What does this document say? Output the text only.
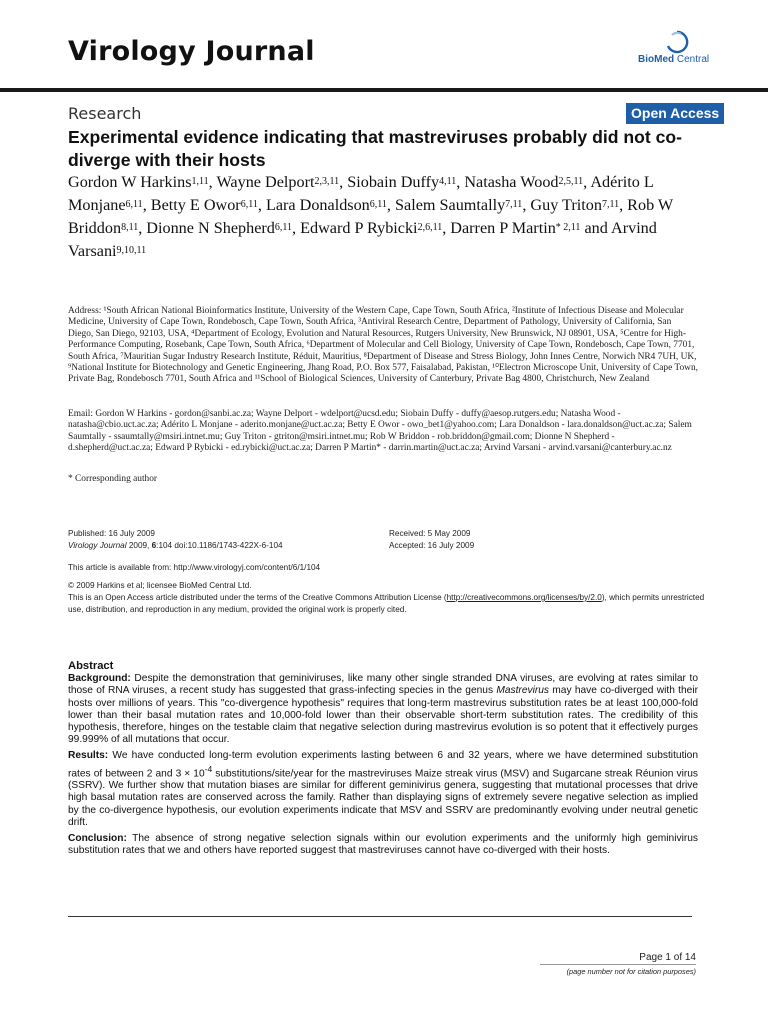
Virology Journal	BioMed Central
Research	Open Access
Experimental evidence indicating that mastreviruses probably did not co-diverge with their hosts
Gordon W Harkins$^{1,11}$, Wayne Delport$^{2,3,11}$, Siobain Duffy$^{4,11}$, Natasha Wood$^{2,5,11}$, Adérito L Monjane$^{6,11}$, Betty E Owor$^{6,11}$, Lara Donaldson$^{6,11}$, Salem Saumtally$^{7,11}$, Guy Triton$^{7,11}$, Rob W Briddon$^{8,11}$, Dionne N Shepherd$^{6,11}$, Edward P Rybicki$^{2,6,11}$, Darren P Martin$^{* 2,11}$ and Arvind Varsani$^{9,10,11}$
Address: ¹South African National Bioinformatics Institute, University of the Western Cape, Cape Town, South Africa, ²Institute of Infectious Disease and Molecular Medicine, University of Cape Town, Rondebosch, Cape Town, South Africa, ³Antiviral Research Centre, Department of Pathology, University of California, San Diego, San Diego, 92103, USA, ⁴Department of Ecology, Evolution and Natural Resources, Rutgers University, New Brunswick, NJ 08901, USA, ⁵Centre for High-Performance Computing, Rosebank, Cape Town, South Africa, ⁶Department of Molecular and Cell Biology, University of Cape Town, Rondebosch, Cape Town, 7701, South Africa, ⁷Mauritian Sugar Industry Research Institute, Réduit, Mauritius, ⁸Department of Disease and Stress Biology, John Innes Centre, Norwich NR4 7UH, UK, ⁹National Institute for Biotechnology and Genetic Engineering, Jhang Road, P.O. Box 577, Faisalabad, Pakistan, ¹⁰Electron Microscope Unit, University of Cape Town, Private Bag, Rondebosch 7701, South Africa and ¹¹School of Biological Sciences, University of Canterbury, Private Bag 4800, Christchurch, New Zealand
Email: Gordon W Harkins - gordon@sanbi.ac.za; Wayne Delport - wdelport@ucsd.edu; Siobain Duffy - duffy@aesop.rutgers.edu; Natasha Wood - natasha@cbio.uct.ac.za; Adérito L Monjane - aderito.monjane@uct.ac.za; Betty E Owor - owo_bet1@yahoo.com; Lara Donaldson - lara.donaldson@uct.ac.za; Salem Saumtally - ssaumtally@msiri.intnet.mu; Guy Triton - gtriton@msiri.intnet.mu; Rob W Briddon - rob.briddon@gmail.com; Dionne N Shepherd - d.shepherd@uct.ac.za; Edward P Rybicki - ed.rybicki@uct.ac.za; Darren P Martin* - darrin.martin@uct.ac.za; Arvind Varsani - arvind.varsani@canterbury.ac.nz
* Corresponding author
Published: 16 July 2009
Virology Journal 2009, 6:104 doi:10.1186/1743-422X-6-104
Received: 5 May 2009
Accepted: 16 July 2009
This article is available from: http://www.virologyj.com/content/6/1/104
© 2009 Harkins et al; licensee BioMed Central Ltd.
This is an Open Access article distributed under the terms of the Creative Commons Attribution License (http://creativecommons.org/licenses/by/2.0), which permits unrestricted use, distribution, and reproduction in any medium, provided the original work is properly cited.
Abstract

Background: Despite the demonstration that geminiviruses, like many other single stranded DNA viruses, are evolving at rates similar to those of RNA viruses, a recent study has suggested that grass-infecting species in the genus Mastrevirus may have co-diverged with their hosts over millions of years. This "co-divergence hypothesis" requires that long-term mastrevirus substitution rates be at least 100,000-fold lower than their basal mutation rates and 10,000-fold lower than their observable short-term substitution rates. The credibility of this hypothesis, therefore, hinges on the testable claim that negative selection during mastrevirus evolution is so potent that it effectively purges 99.999% of all mutations that occur.

Results: We have conducted long-term evolution experiments lasting between 6 and 32 years, where we have determined substitution rates of between 2 and $3 \times 10^{-4}$ substitutions/site/year for the mastreviruses Maize streak virus (MSV) and Sugarcane streak Réunion virus (SSRV). We further show that mutation biases are similar for different geminivirus genera, suggesting that mutational processes that drive high basal mutation rates are conserved across the family. Rather than displaying signs of extremely severe negative selection as implied by the co-divergence hypothesis, our evolution experiments indicate that MSV and SSRV are predominantly evolving under neutral genetic drift.

Conclusion: The absence of strong negative selection signals within our evolution experiments and the uniformly high geminivirus substitution rates that we and others have reported suggest that mastreviruses cannot have co-diverged with their hosts.

Page 1 of 14
(page number not for citation purposes)
